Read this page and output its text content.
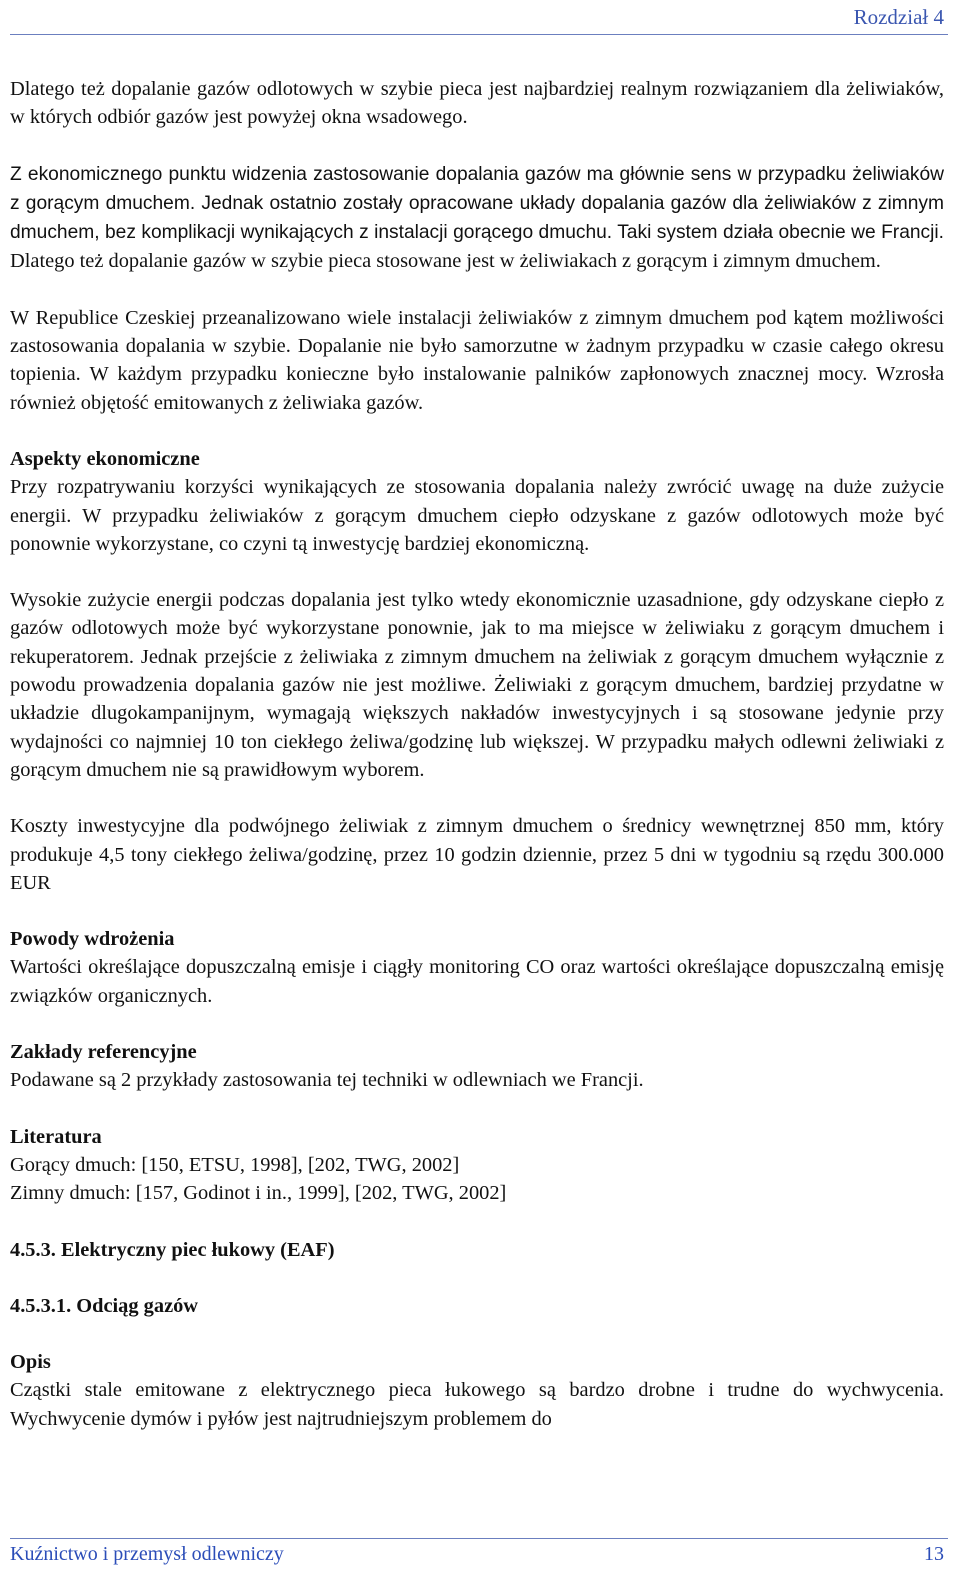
Rozdział 4

Dlatego też dopalanie gazów odlotowych w szybie pieca jest najbardziej realnym rozwiązaniem dla żeliwiaków, w których odbiór gazów jest powyżej okna wsadowego.

Z ekonomicznego punktu widzenia zastosowanie dopalania gazów ma głównie sens w przypadku żeliwiaków z gorącym dmuchem. Jednak ostatnio zostały opracowane układy dopalania gazów dla żeliwiaków z zimnym dmuchem, bez komplikacji wynikających z instalacji gorącego dmuchu. Taki system działa obecnie we Francji. Dlatego też dopalanie gazów w szybie pieca stosowane jest w żeliwiakach z gorącym i zimnym dmuchem.

W Republice Czeskiej przeanalizowano wiele instalacji żeliwiaków z zimnym dmuchem pod kątem możliwości zastosowania dopalania w szybie. Dopalanie nie było samorzutne w żadnym przypadku w czasie całego okresu topienia. W każdym przypadku konieczne było instalowanie palników zapłonowych znacznej mocy. Wzrosła również objętość emitowanych z żeliwiaka gazów.

Aspekty ekonomiczne

Przy rozpatrywaniu korzyści wynikających ze stosowania dopalania należy zwrócić uwagę na duże zużycie energii. W przypadku żeliwiaków z gorącym dmuchem ciepło odzyskane z gazów odlotowych może być ponownie wykorzystane, co czyni tą inwestycję bardziej ekonomiczną.

Wysokie zużycie energii podczas dopalania jest tylko wtedy ekonomicznie uzasadnione, gdy odzyskane ciepło z gazów odlotowych może być wykorzystane ponownie, jak to ma miejsce w żeliwiaku z gorącym dmuchem i rekuperatorem. Jednak przejście z żeliwiaka z zimnym dmuchem na żeliwiak z gorącym dmuchem wyłącznie z powodu prowadzenia dopalania gazów nie jest możliwe. Żeliwiaki z gorącym dmuchem, bardziej przydatne w układzie dlugokampanijnym, wymagają większych nakładów inwestycyjnych i są stosowane jedynie przy wydajności co najmniej 10 ton ciekłego żeliwa/godzinę lub większej. W przypadku małych odlewni żeliwiaki z gorącym dmuchem nie są prawidłowym wyborem.

Koszty inwestycyjne dla podwójnego żeliwiak z zimnym dmuchem o średnicy wewnętrznej 850 mm, który produkuje 4,5 tony ciekłego żeliwa/godzinę, przez 10 godzin dziennie, przez 5 dni w tygodniu są rzędu 300.000 EUR

Powody wdrożenia

Wartości określające dopuszczalną emisje i ciągły monitoring CO oraz wartości określające dopuszczalną emisję związków organicznych.

Zakłady referencyjne

Podawane są 2 przykłady zastosowania tej techniki w odlewniach we Francji.

Literatura

Gorący dmuch: [150, ETSU, 1998], [202, TWG, 2002]

Zimny dmuch: [157, Godinot i in., 1999], [202, TWG, 2002]

4.5.3. Elektryczny piec łukowy (EAF)
4.5.3.1. Odciąg gazów
Opis

Cząstki stale emitowane z elektrycznego pieca łukowego są bardzo drobne i trudne do wychwycenia. Wychwycenie dymów i pyłów jest najtrudniejszym problemem do

Kuźnictwo i przemysł odlewniczy	13
